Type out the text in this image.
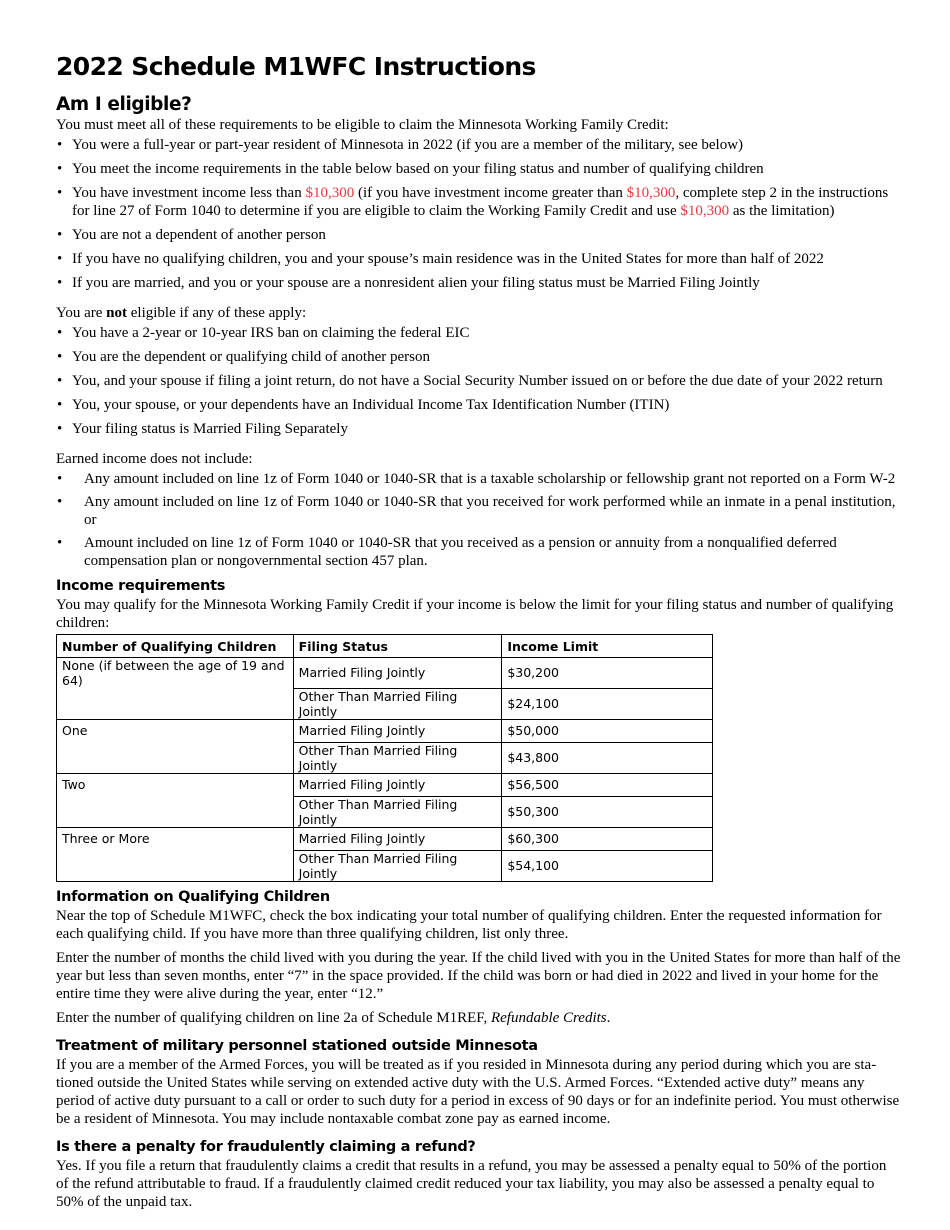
2022 Schedule M1WFC Instructions
Am I eligible?

You must meet all of these requirements to be eligible to claim the Minnesota Working Family Credit:

• You were a full-year or part-year resident of Minnesota in 2022 (if you are a member of the military, see below)
• You meet the income requirements in the table below based on your filing status and number of qualifying children
• You have investment income less than $10,300 (if you have investment income greater than $10,300, complete step 2 in the instructions for line 27 of Form 1040 to determine if you are eligible to claim the Working Family Credit and use $10,300 as the limitation)
• You are not a dependent of another person
• If you have no qualifying children, you and your spouse’s main residence was in the United States for more than half of 2022
• If you are married, and you or your spouse are a nonresident alien your filing status must be Married Filing Jointly

You are not eligible if any of these apply:

• You have a 2-year or 10-year IRS ban on claiming the federal EIC
• You are the dependent or qualifying child of another person
• You, and your spouse if filing a joint return, do not have a Social Security Number issued on or before the due date of your 2022 return
• You, your spouse, or your dependents have an Individual Income Tax Identification Number (ITIN)
• Your filing status is Married Filing Separately

Earned income does not include:

• Any amount included on line 1z of Form 1040 or 1040-SR that is a taxable scholarship or fellowship grant not reported on a Form W-2
• Any amount included on line 1z of Form 1040 or 1040-SR that you received for work performed while an inmate in a penal institution, or
• Amount included on line 1z of Form 1040 or 1040-SR that you received as a pension or annuity from a nonqualified deferred compensation plan or nongovernmental section 457 plan.
Income requirements

You may qualify for the Minnesota Working Family Credit if your income is below the limit for your filing status and number of qualifying children:

Number of Qualifying Children	Filing Status	Income Limit
None (if between the age of 19 and 64)	Married Filing Jointly	$30,200
	Other Than Married Filing Jointly	$24,100
One	Married Filing Jointly	$50,000
	Other Than Married Filing Jointly	$43,800
Two	Married Filing Jointly	$56,500
	Other Than Married Filing Jointly	$50,300
Three or More	Married Filing Jointly	$60,300
	Other Than Married Filing Jointly	$54,100
Information on Qualifying Children

Near the top of Schedule M1WFC, check the box indicating your total number of qualifying children. Enter the requested information for each qualifying child. If you have more than three qualifying children, list only three.

Enter the number of months the child lived with you during the year. If the child lived with you in the United States for more than half of the year but less than seven months, enter “7” in the space provided. If the child was born or had died in 2022 and lived in your home for the entire time they were alive during the year, enter “12.”

Enter the number of qualifying children on line 2a of Schedule M1REF, Refundable Credits.

Treatment of military personnel stationed outside Minnesota

If you are a member of the Armed Forces, you will be treated as if you resided in Minnesota during any period during which you are stationed outside the United States while serving on extended active duty with the U.S. Armed Forces. “Extended active duty” means any period of active duty pursuant to a call or order to such duty for a period in excess of 90 days or for an indefinite period. You must otherwise be a resident of Minnesota. You may include nontaxable combat zone pay as earned income.

Is there a penalty for fraudulently claiming a refund?

Yes. If you file a return that fraudulently claims a credit that results in a refund, you may be assessed a penalty equal to 50% of the portion of the refund attributable to fraud. If a fraudulently claimed credit reduced your tax liability, you may also be assessed a penalty equal to 50% of the unpaid tax.
